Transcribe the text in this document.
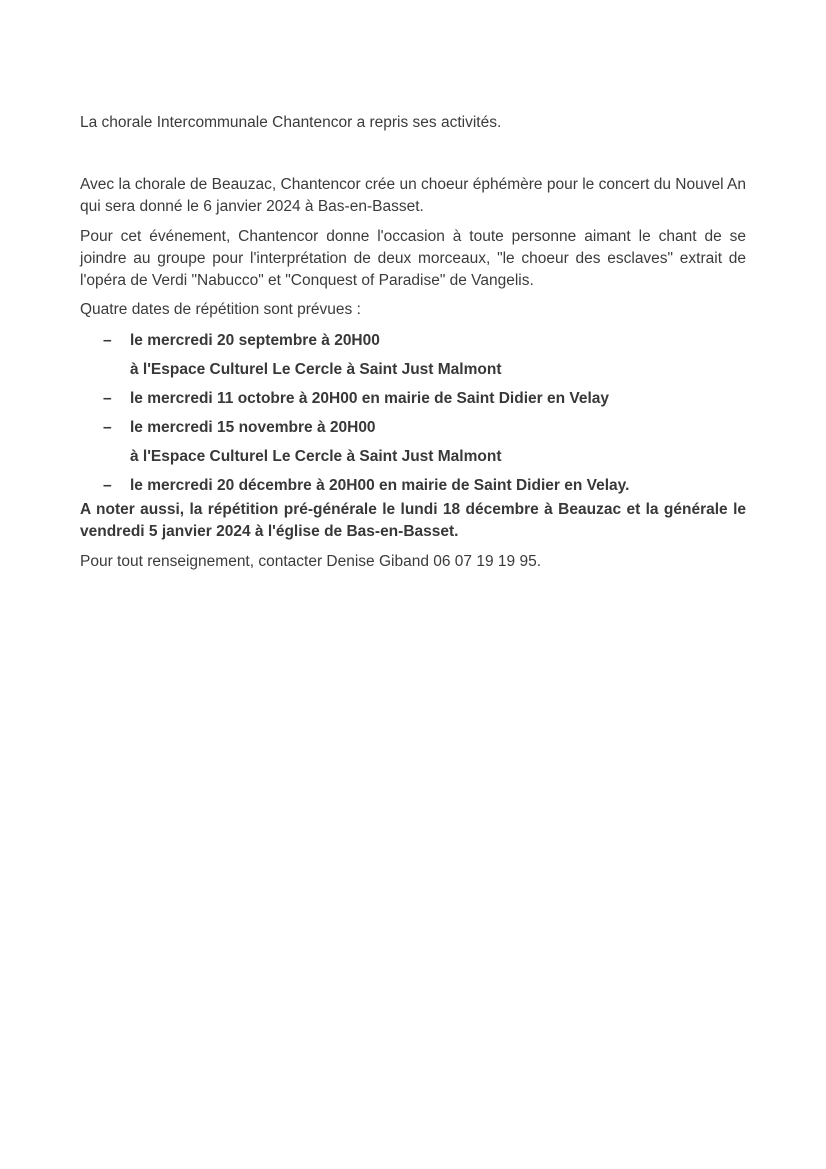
La chorale Intercommunale Chantencor a repris ses activités.

Avec la chorale de Beauzac, Chantencor crée un choeur éphémère pour le concert du Nouvel An qui sera donné le 6 janvier 2024 à Bas-en-Basset.

Pour cet événement, Chantencor donne l'occasion à toute personne aimant le chant de se joindre au groupe pour l'interprétation de deux morceaux, "le choeur des esclaves" extrait de l'opéra de Verdi "Nabucco" et "Conquest of Paradise" de Vangelis.

Quatre dates de répétition sont prévues :

– le mercredi 20 septembre à 20H00
à l'Espace Culturel Le Cercle à Saint Just Malmont
– le mercredi 11 octobre à 20H00 en mairie de Saint Didier en Velay
– le mercredi 15 novembre à 20H00
à l'Espace Culturel Le Cercle à Saint Just Malmont
– le mercredi 20 décembre à 20H00 en mairie de Saint Didier en Velay.

A noter aussi, la répétition pré-générale le lundi 18 décembre à Beauzac et la générale le vendredi 5 janvier 2024 à l'église de Bas-en-Basset.

Pour tout renseignement, contacter Denise Giband 06 07 19 19 95.
